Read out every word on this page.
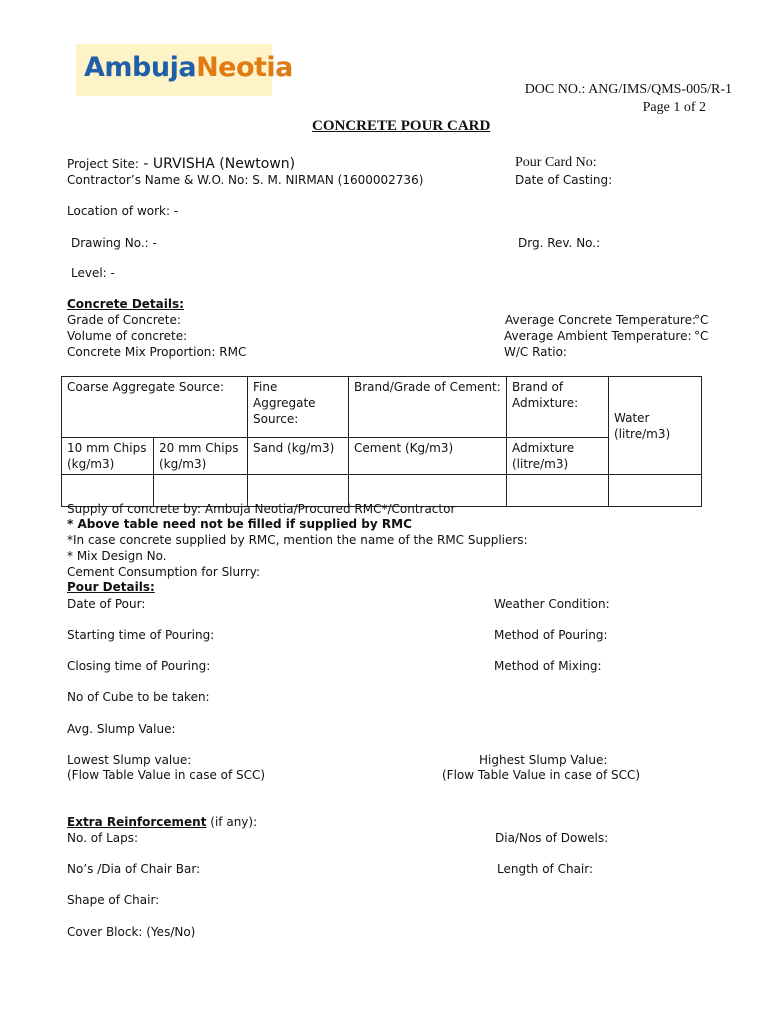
AmbujaNeotia
DOC NO.: ANG/IMS/QMS-005/R-1
Page 1 of 2
CONCRETE POUR CARD
Project Site: - URVISHA (Newtown)
Contractor’s Name & W.O. No: S. M. NIRMAN (1600002736)
Pour Card No:
Date of Casting:
Location of work: -
Drawing No.: -	Drg. Rev. No.:
Level: -
Concrete Details:
Grade of Concrete:
Volume of concrete:
Concrete Mix Proportion: RMC
Average Concrete Temperature:
°C
Average Ambient Temperature: °C
W/C Ratio:
Coarse Aggregate Source:		Fine Aggregate Source:	Brand/Grade of Cement:	Brand of Admixture:	Water (litre/m3)
10 mm Chips (kg/m3)	20 mm Chips (kg/m3)	Sand (kg/m3)	Cement (Kg/m3)	Admixture (litre/m3)	

Supply of concrete by: Ambuja Neotia/Procured RMC*/Contractor
* Above table need not be filled if supplied by RMC
*In case concrete supplied by RMC, mention the name of the RMC Suppliers:
* Mix Design No.
Cement Consumption for Slurry:
Pour Details:
Date of Pour:	Weather Condition:
Starting time of Pouring:	Method of Pouring:
Closing time of Pouring:	Method of Mixing:
No of Cube to be taken:
Avg. Slump Value:
Lowest Slump value:
(Flow Table Value in case of SCC)
Highest Slump Value:
(Flow Table Value in case of SCC)
Extra Reinforcement (if any):
No. of Laps:	Dia/Nos of Dowels:
No’s /Dia of Chair Bar:	Length of Chair:
Shape of Chair:
Cover Block: (Yes/No)
